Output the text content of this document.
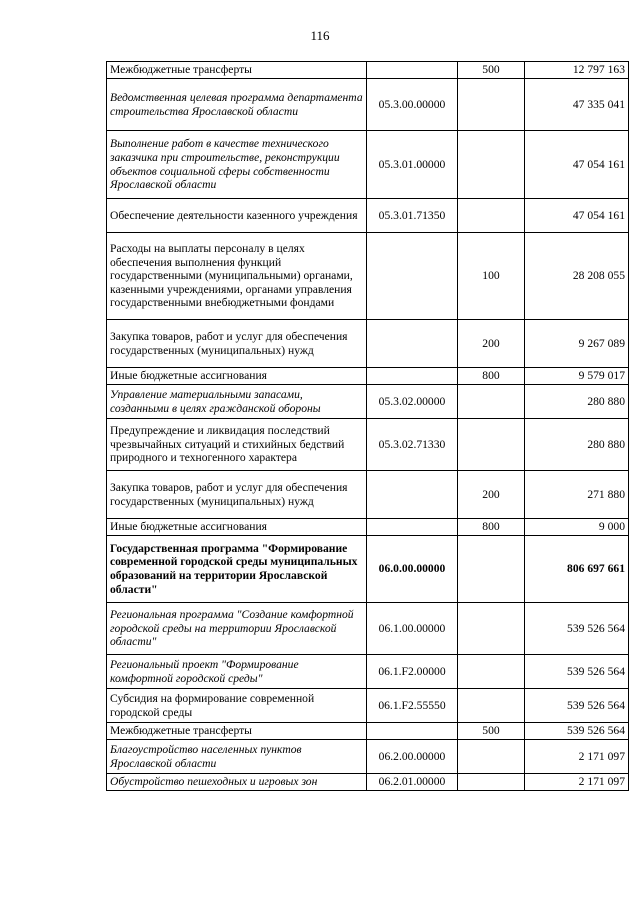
116
Межбюджетные трансферты		500	12 797 163
Ведомственная целевая программа департамента строительства Ярославской области	05.3.00.00000		47 335 041
Выполнение работ в качестве технического заказчика при строительстве, реконструкции объектов социальной сферы собственности Ярославской области	05.3.01.00000		47 054 161
Обеспечение деятельности казенного учреждения	05.3.01.71350		47 054 161
Расходы на выплаты персоналу в целях обеспечения выполнения функций государственными (муниципальными) органами, казенными учреждениями, органами управления государственными внебюджетными фондами		100	28 208 055
Закупка товаров, работ и услуг для обеспечения государственных (муниципальных) нужд		200	9 267 089
Иные бюджетные ассигнования		800	9 579 017
Управление материальными запасами, созданными в целях гражданской обороны	05.3.02.00000		280 880
Предупреждение и ликвидация последствий чрезвычайных ситуаций и стихийных бедствий природного и техногенного характера	05.3.02.71330		280 880
Закупка товаров, работ и услуг для обеспечения государственных (муниципальных) нужд		200	271 880
Иные бюджетные ассигнования		800	9 000
Государственная программа "Формирование современной городской среды муниципальных образований на территории Ярославской области"	06.0.00.00000		806 697 661
Региональная программа "Создание комфортной городской среды на территории Ярославской области"	06.1.00.00000		539 526 564
Региональный проект "Формирование комфортной городской среды"	06.1.F2.00000		539 526 564
Субсидия на формирование современной городской среды	06.1.F2.55550		539 526 564
Межбюджетные трансферты		500	539 526 564
Благоустройство населенных пунктов Ярославской области	06.2.00.00000		2 171 097
Обустройство пешеходных и игровых зон	06.2.01.00000		2 171 097
